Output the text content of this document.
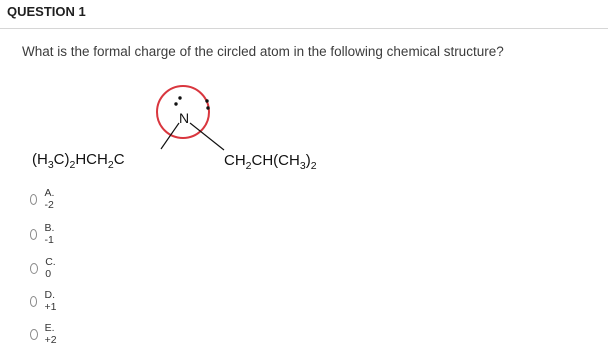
QUESTION 1
What is the formal charge of the circled atom in the following chemical structure?
N
$(H_3C)_2HCH_2C$	$CH_2CH(CH_3)_2$
A. -2
B. -1
C. 0
D. +1
E. +2
